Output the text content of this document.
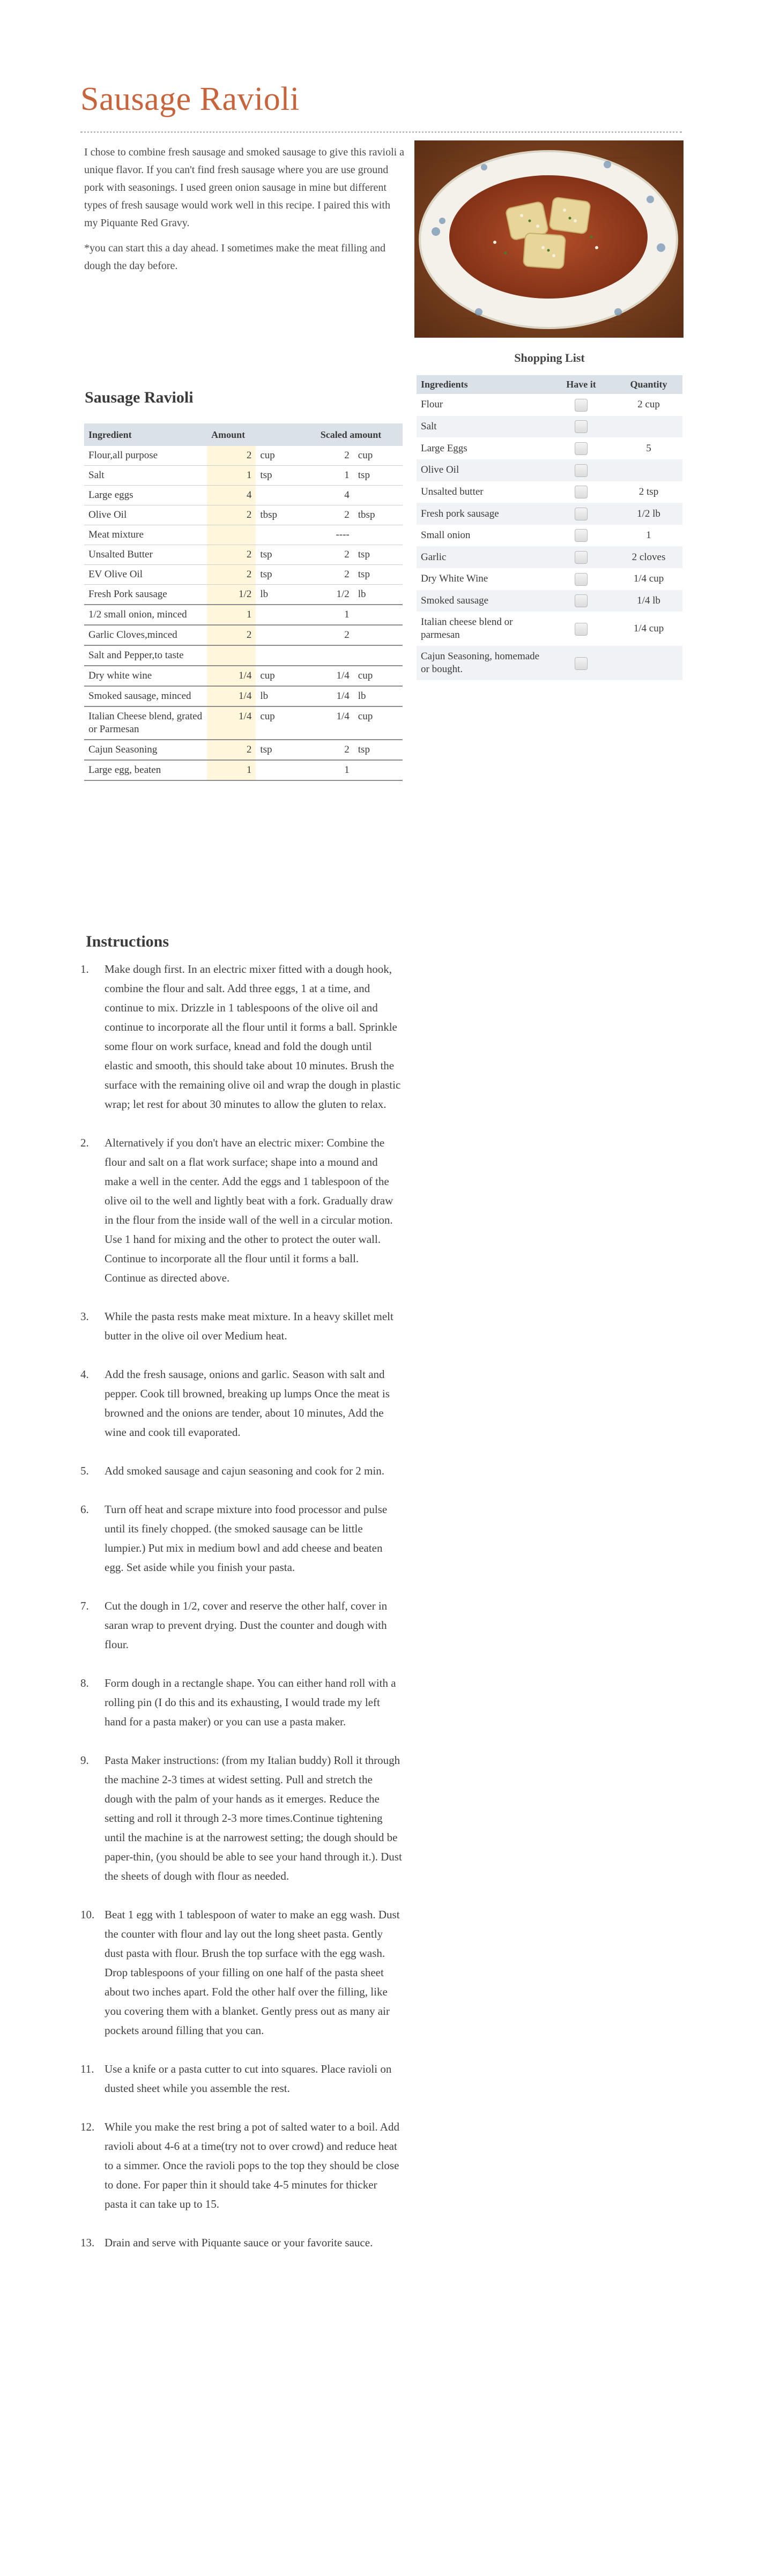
Sausage Ravioli

I chose to combine fresh sausage and smoked sausage to give this ravioli a unique flavor. If you can't find fresh sausage where you are use ground pork with seasonings. I used green onion sausage in mine but different types of fresh sausage would work well in this recipe. I paired this with my Piquante Red Gravy.

*you can start this a day ahead. I sometimes make the meat filling and dough the day before.

Sausage Ravioli
Ingredient	Amount		Scaled amount	
Flour,all purpose	2	cup	2	cup
Salt	1	tsp	1	tsp
Large eggs	4		4	
Olive Oil	2	tbsp	2	tbsp
Meat mixture			----	
Unsalted Butter	2	tsp	2	tsp
EV Olive Oil	2	tsp	2	tsp
Fresh Pork sausage	1/2	lb	1/2	lb
1/2 small onion, minced	1		1	
Garlic Cloves,minced	2		2	
Salt and Pepper,to taste				
Dry white wine	1/4	cup	1/4	cup
Smoked sausage, minced	1/4	lb	1/4	lb
Italian Cheese blend, grated or Parmesan	1/4	cup	1/4	cup
Cajun Seasoning	2	tsp	2	tsp
Large egg, beaten	1		1	
Shopping List
Ingredients	Have it	Quantity
Flour		2 cup
Salt		
Large Eggs		5
Olive Oil		
Unsalted butter		2 tsp
Fresh pork sausage		1/2 lb
Small onion		1
Garlic		2 cloves
Dry White Wine		1/4 cup
Smoked sausage		1/4 lb
Italian cheese blend or parmesan		1/4 cup
Cajun Seasoning, homemade or bought.		
Instructions
1. Make dough first. In an electric mixer fitted with a dough hook, combine the flour and salt. Add three eggs, 1 at a time, and continue to mix. Drizzle in 1 tablespoons of the olive oil and continue to incorporate all the flour until it forms a ball. Sprinkle some flour on work surface, knead and fold the dough until elastic and smooth, this should take about 10 minutes. Brush the surface with the remaining olive oil and wrap the dough in plastic wrap; let rest for about 30 minutes to allow the gluten to relax.
2. Alternatively if you don't have an electric mixer: Combine the flour and salt on a flat work surface; shape into a mound and make a well in the center. Add the eggs and 1 tablespoon of the olive oil to the well and lightly beat with a fork. Gradually draw in the flour from the inside wall of the well in a circular motion. Use 1 hand for mixing and the other to protect the outer wall. Continue to incorporate all the flour until it forms a ball. Continue as directed above.
3. While the pasta rests make meat mixture. In a heavy skillet melt butter in the olive oil over Medium heat.
4. Add the fresh sausage, onions and garlic. Season with salt and pepper. Cook till browned, breaking up lumps Once the meat is browned and the onions are tender, about 10 minutes, Add the wine and cook till evaporated.
5. Add smoked sausage and cajun seasoning and cook for 2 min.
6. Turn off heat and scrape mixture into food processor and pulse until its finely chopped. (the smoked sausage can be little lumpier.) Put mix in medium bowl and add cheese and beaten egg. Set aside while you finish your pasta.
7. Cut the dough in 1/2, cover and reserve the other half, cover in saran wrap to prevent drying. Dust the counter and dough with flour.
8. Form dough in a rectangle shape. You can either hand roll with a rolling pin (I do this and its exhausting, I would trade my left hand for a pasta maker) or you can use a pasta maker.
9. Pasta Maker instructions: (from my Italian buddy) Roll it through the machine 2-3 times at widest setting. Pull and stretch the dough with the palm of your hands as it emerges. Reduce the setting and roll it through 2-3 more times.Continue tightening until the machine is at the narrowest setting; the dough should be paper-thin, (you should be able to see your hand through it.). Dust the sheets of dough with flour as needed.
10. Beat 1 egg with 1 tablespoon of water to make an egg wash. Dust the counter with flour and lay out the long sheet pasta. Gently dust pasta with flour. Brush the top surface with the egg wash. Drop tablespoons of your filling on one half of the pasta sheet about two inches apart. Fold the other half over the filling, like you covering them with a blanket. Gently press out as many air pockets around filling that you can.
11. Use a knife or a pasta cutter to cut into squares. Place ravioli on dusted sheet while you assemble the rest.
12. While you make the rest bring a pot of salted water to a boil. Add ravioli about 4-6 at a time(try not to over crowd) and reduce heat to a simmer. Once the ravioli pops to the top they should be close to done. For paper thin it should take 4-5 minutes for thicker pasta it can take up to 15.
13. Drain and serve with Piquante sauce or your favorite sauce.
